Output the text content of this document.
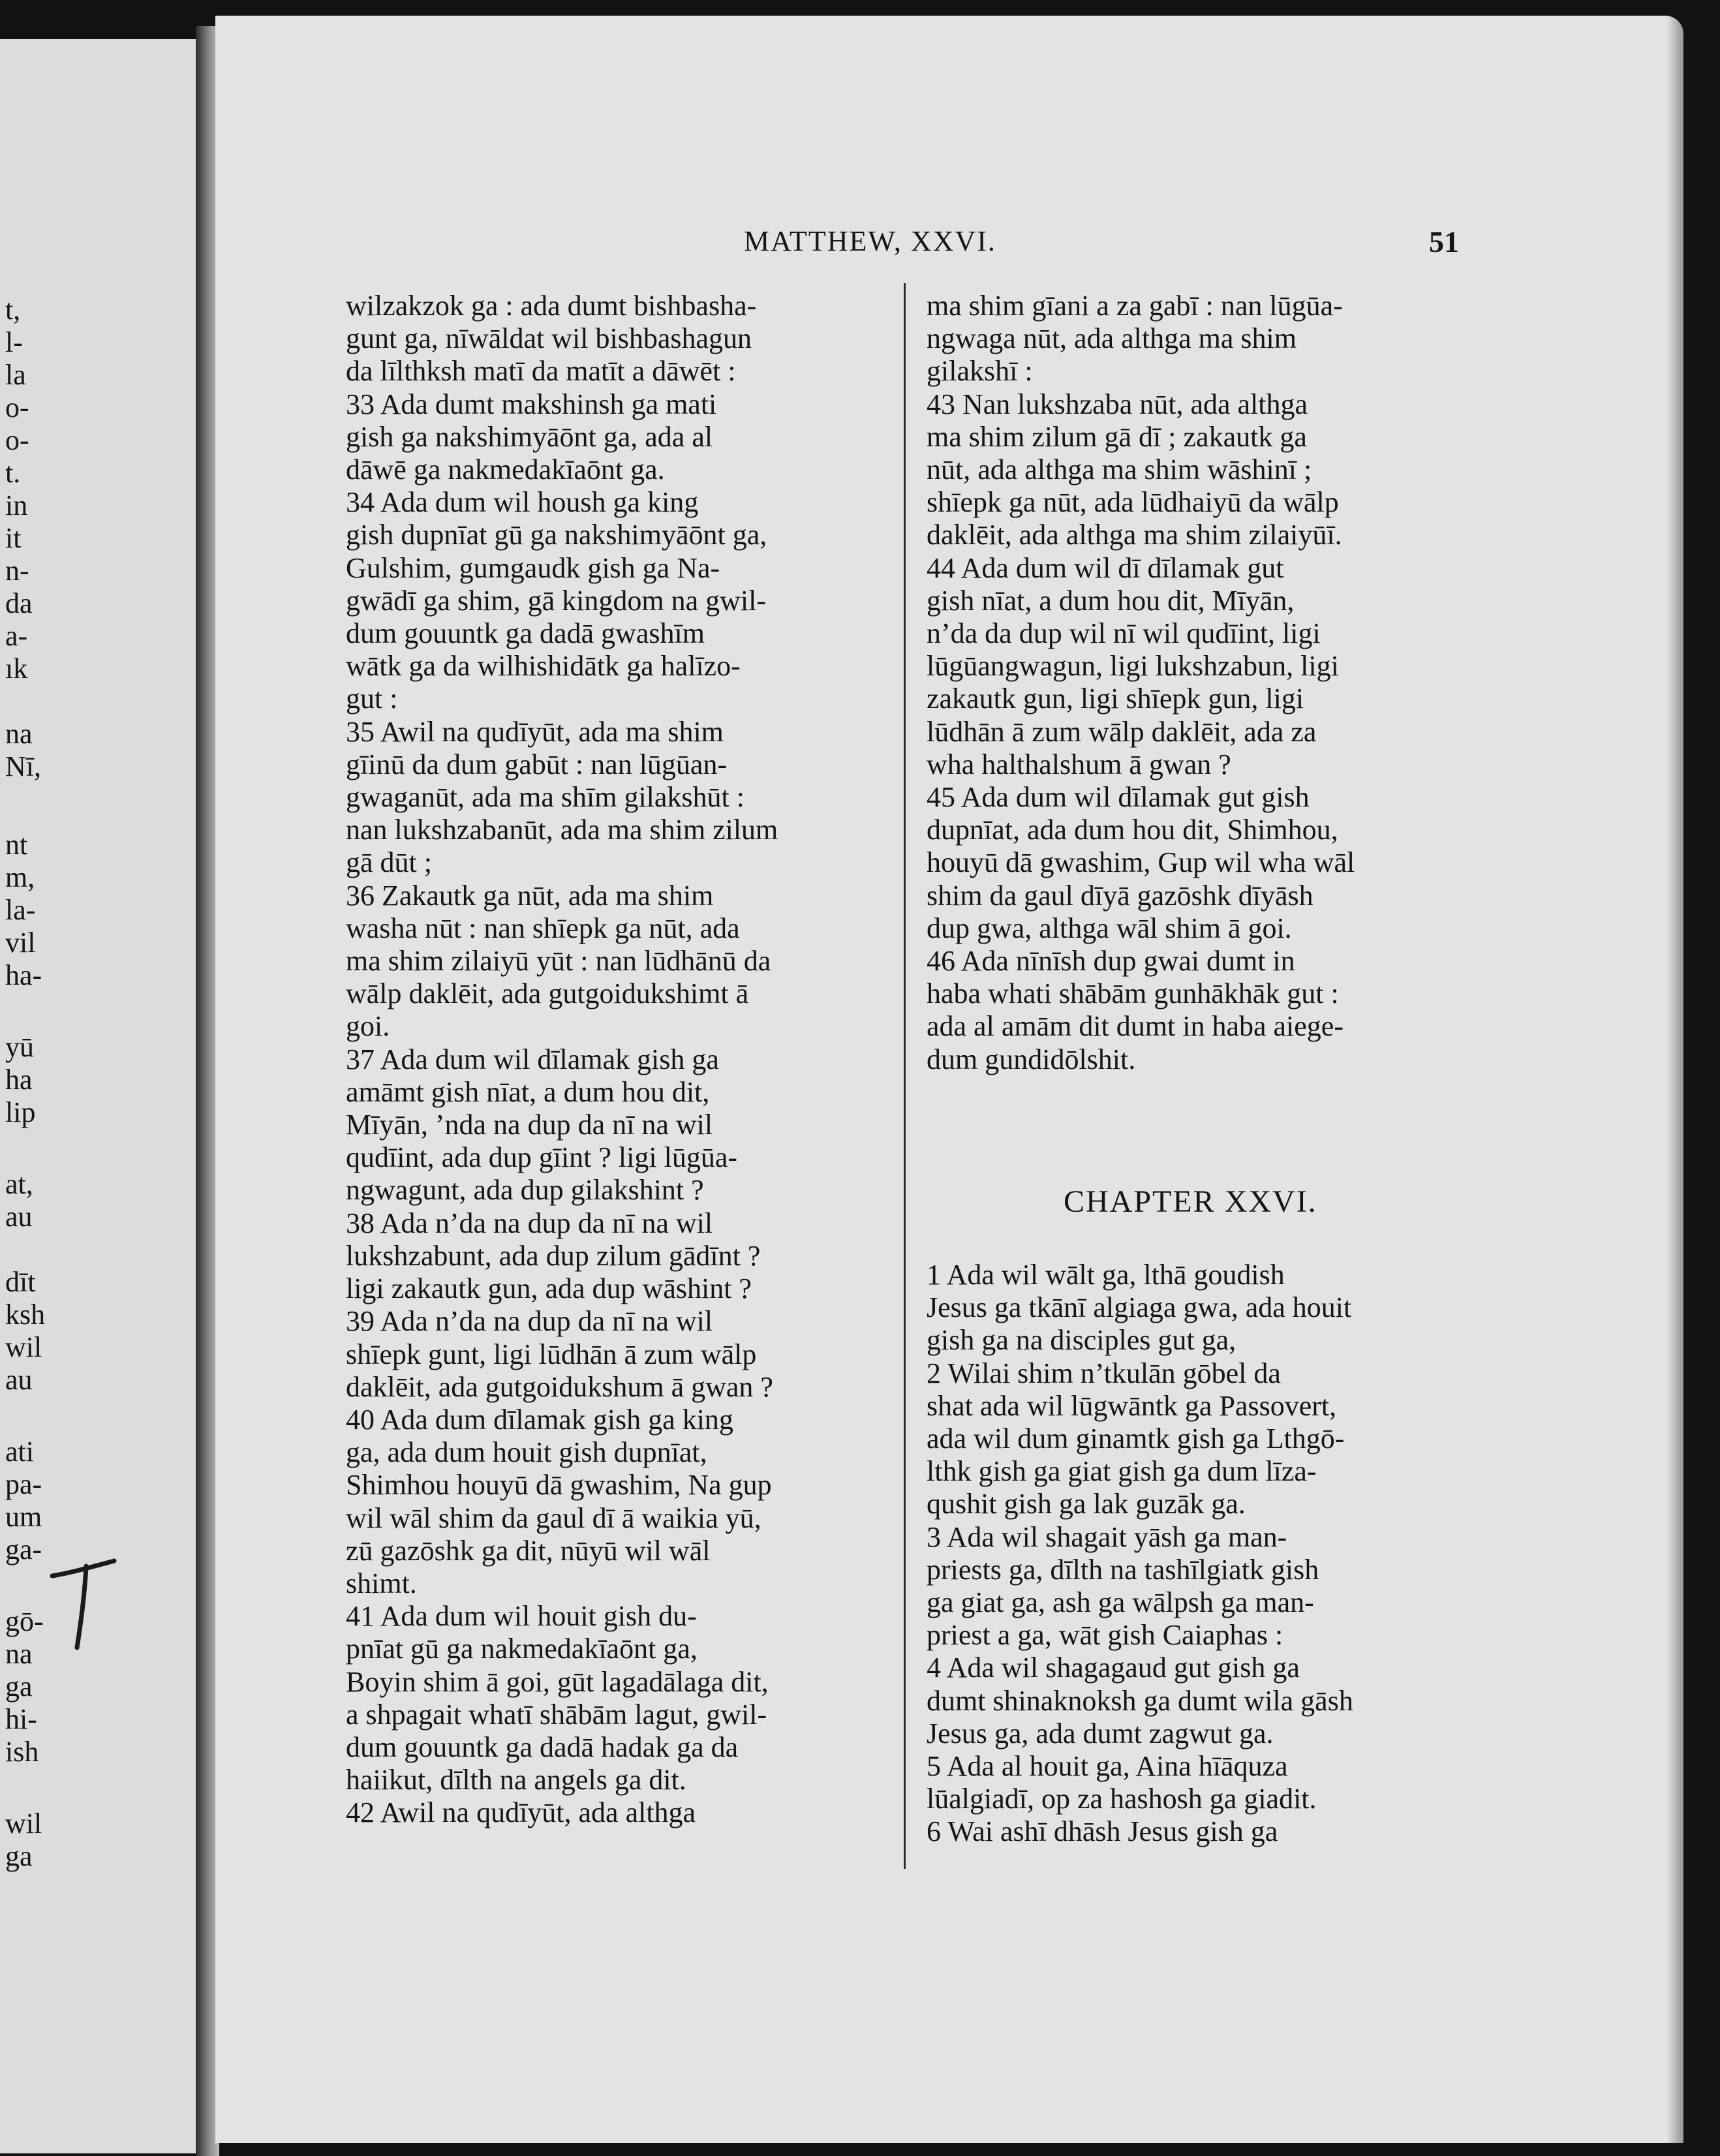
t,
l-
la
o-
o-
t.
in
it
n-
da
a-
ık
na
Nī,
nt
m,
la-
vil
ha-
yū
ha
lip
at,
au
dīt
ksh
wil
au
ati
pa-
um
ga-
gō-
na
ga
hi-
ish
wil
ga
MATTHEW, XXVI.	51
wilzakzok ga : ada dumt bishbasha-
gunt ga, nīwāldat wil bishbashagun
da līlthksh matī da matīt a dāwēt :
33 Ada dumt makshinsh ga mati
gish ga nakshimyāōnt ga, ada al
dāwē ga nakmedakīaōnt ga.
34 Ada dum wil housh ga king
gish dupnīat gū ga nakshimyāōnt ga,
Gulshim, gumgaudk gish ga Na-
gwādī ga shim, gā kingdom na gwil-
dum gouuntk ga dadā gwashīm
wātk ga da wilhishidātk ga halīzo-
gut :
35 Awil na qudīyūt, ada ma shim
gīinū da dum gabūt : nan lūgūan-
gwaganūt, ada ma shīm gilakshūt :
nan lukshzabanūt, ada ma shim zilum
gā dūt ;
36 Zakautk ga nūt, ada ma shim
washa nūt : nan shīepk ga nūt, ada
ma shim zilaiyū yūt : nan lūdhānū da
wālp daklēit, ada gutgoidukshimt ā
goi.
37 Ada dum wil dīlamak gish ga
amāmt gish nīat, a dum hou dit,
Mīyān, ’nda na dup da nī na wil
qudīint, ada dup gīint ? ligi lūgūa-
ngwagunt, ada dup gilakshint ?
38 Ada n’da na dup da nī na wil
lukshzabunt, ada dup zilum gādīnt ?
ligi zakautk gun, ada dup wāshint ?
39 Ada n’da na dup da nī na wil
shīepk gunt, ligi lūdhān ā zum wālp
daklēit, ada gutgoidukshum ā gwan ?
40 Ada dum dīlamak gish ga king
ga, ada dum houit gish dupnīat,
Shimhou houyū dā gwashim, Na gup
wil wāl shim da gaul dī ā waikia yū,
zū gazōshk ga dit, nūyū wil wāl
shimt.
41 Ada dum wil houit gish du-
pnīat gū ga nakmedakīaōnt ga,
Boyin shim ā goi, gūt lagadālaga dit,
a shpagait whatī shābām lagut, gwil-
dum gouuntk ga dadā hadak ga da
haiikut, dīlth na angels ga dit.
42 Awil na qudīyūt, ada althga
ma shim gīani a za gabī : nan lūgūa-
ngwaga nūt, ada althga ma shim
gilakshī :
43 Nan lukshzaba nūt, ada althga
ma shim zilum gā dī ; zakautk ga
nūt, ada althga ma shim wāshinī ;
shīepk ga nūt, ada lūdhaiyū da wālp
daklēit, ada althga ma shim zilaiyūī.
44 Ada dum wil dī dīlamak gut
gish nīat, a dum hou dit, Mīyān,
n’da da dup wil nī wil qudīint, ligi
lūgūangwagun, ligi lukshzabun, ligi
zakautk gun, ligi shīepk gun, ligi
lūdhān ā zum wālp daklēit, ada za
wha halthalshum ā gwan ?
45 Ada dum wil dīlamak gut gish
dupnīat, ada dum hou dit, Shimhou,
houyū dā gwashim, Gup wil wha wāl
shim da gaul dīyā gazōshk dīyāsh
dup gwa, althga wāl shim ā goi.
46 Ada nīnīsh dup gwai dumt in
haba whati shābām gunhākhāk gut :
ada al amām dit dumt in haba aiege-
dum gundidōlshit.
CHAPTER XXVI.
1 Ada wil wālt ga, lthā goudish
Jesus ga tkānī algiaga gwa, ada houit
gish ga na disciples gut ga,
2 Wilai shim n’tkulān gōbel da
shat ada wil lūgwāntk ga Passovert,
ada wil dum ginamtk gish ga Lthgō-
lthk gish ga giat gish ga dum līza-
qushit gish ga lak guzāk ga.
3 Ada wil shagait yāsh ga man-
priests ga, dīlth na tashīlgiatk gish
ga giat ga, ash ga wālpsh ga man-
priest a ga, wāt gish Caiaphas :
4 Ada wil shagagaud gut gish ga
dumt shinaknoksh ga dumt wila gāsh
Jesus ga, ada dumt zagwut ga.
5 Ada al houit ga, Aina hīāquza
lūalgiadī, op za hashosh ga giadit.
6 Wai ashī dhāsh Jesus gish ga
